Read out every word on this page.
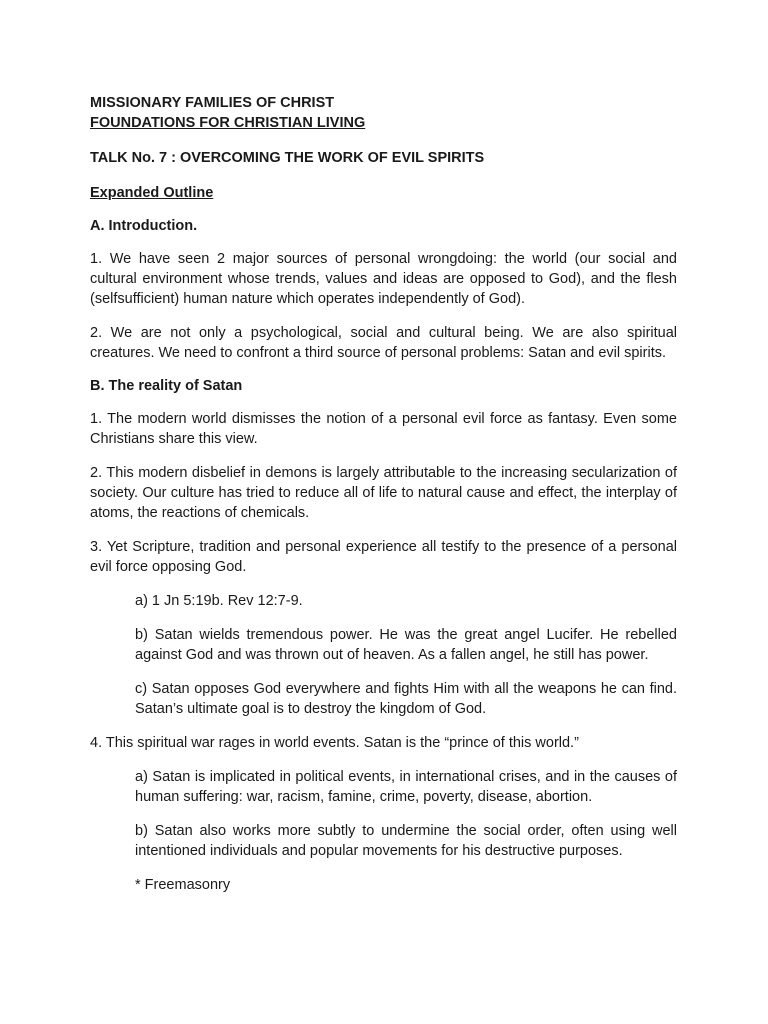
MISSIONARY FAMILIES OF CHRIST

FOUNDATIONS FOR CHRISTIAN LIVING

TALK No. 7 : OVERCOMING THE WORK OF EVIL SPIRITS

Expanded Outline

A. Introduction.

1. We have seen 2 major sources of personal wrongdoing: the world (our social and cultural environment whose trends, values and ideas are opposed to God), and the flesh (selfsufficient) human nature which operates independently of God).

2. We are not only a psychological, social and cultural being. We are also spiritual creatures. We need to confront a third source of personal problems: Satan and evil spirits.

B. The reality of Satan

1. The modern world dismisses the notion of a personal evil force as fantasy. Even some Christians share this view.

2. This modern disbelief in demons is largely attributable to the increasing secularization of society. Our culture has tried to reduce all of life to natural cause and effect, the interplay of atoms, the reactions of chemicals.

3. Yet Scripture, tradition and personal experience all testify to the presence of a personal evil force opposing God.

a) 1 Jn 5:19b. Rev 12:7-9.

b) Satan wields tremendous power. He was the great angel Lucifer. He rebelled against God and was thrown out of heaven. As a fallen angel, he still has power.

c) Satan opposes God everywhere and fights Him with all the weapons he can find. Satan’s ultimate goal is to destroy the kingdom of God.

4. This spiritual war rages in world events. Satan is the “prince of this world.”

a) Satan is implicated in political events, in international crises, and in the causes of human suffering: war, racism, famine, crime, poverty, disease, abortion.

b) Satan also works more subtly to undermine the social order, often using well intentioned individuals and popular movements for his destructive purposes.

* Freemasonry
